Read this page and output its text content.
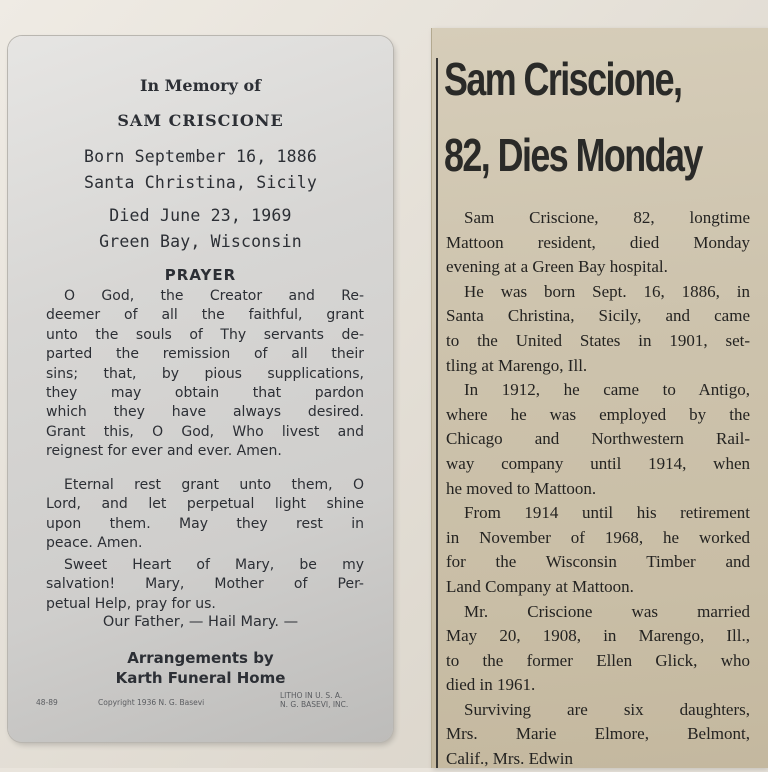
In Memory of
SAM CRISCIONE
Born September 16, 1886
Santa Christina, Sicily
Died June 23, 1969
Green Bay, Wisconsin
PRAYER
O God, the Creator and Re-
deemer of all the faithful, grant
unto the souls of Thy servants de-
parted the remission of all their
sins; that, by pious supplications,
they may obtain that pardon
which they have always desired.
Grant this, O God, Who livest and
reignest for ever and ever. Amen.
Eternal rest grant unto them, O
Lord, and let perpetual light shine
upon them. May they rest in
peace. Amen.
Sweet Heart of Mary, be my
salvation! Mary, Mother of Per-
petual Help, pray for us.
Our Father, — Hail Mary. —
Arrangements by
Karth Funeral Home
48-89	Copyright 1936 N. G. Basevi
LITHO IN U. S. A.
N. G. BASEVI, INC.
Sam Criscione,
82, Dies Monday
Sam Criscione, 82, longtime
Mattoon resident, died Monday
evening at a Green Bay hospital.
He was born Sept. 16, 1886, in
Santa Christina, Sicily, and came
to the United States in 1901, set-
tling at Marengo, Ill.
In 1912, he came to Antigo,
where he was employed by the
Chicago and Northwestern Rail-
way company until 1914, when
he moved to Mattoon.
From 1914 until his retirement
in November of 1968, he worked
for the Wisconsin Timber and
Land Company at Mattoon.
Mr. Criscione was married
May 20, 1908, in Marengo, Ill.,
to the former Ellen Glick, who
died in 1961.
Surviving are six daughters,
Mrs. Marie Elmore, Belmont,
Calif., Mrs. Edwin
